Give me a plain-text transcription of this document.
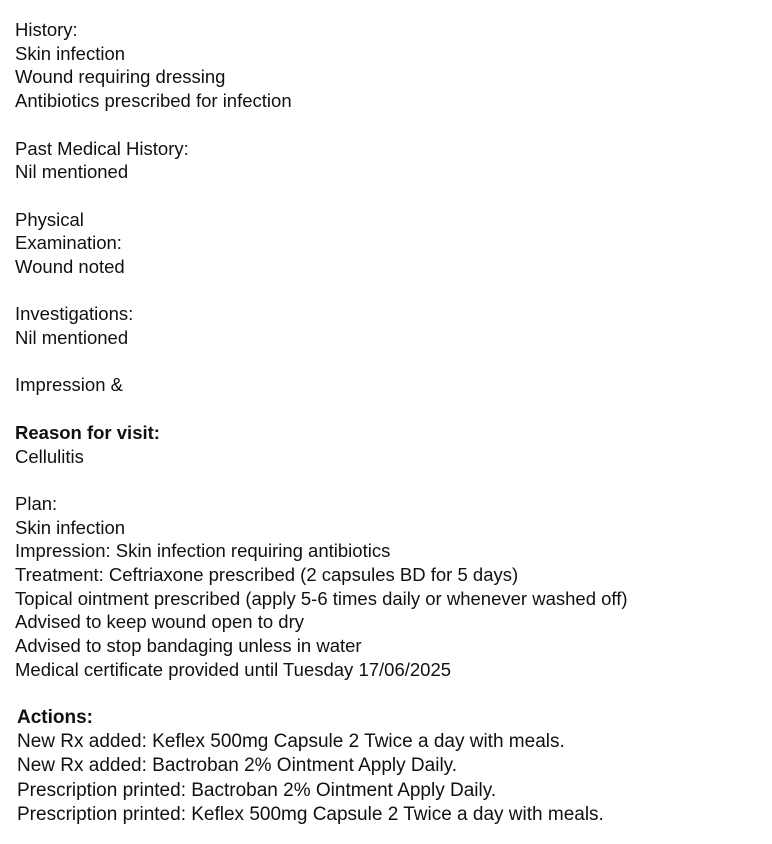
History:
Skin infection
Wound requiring dressing
Antibiotics prescribed for infection
Past Medical History:
Nil mentioned
Physical
Examination:
Wound noted
Investigations:
Nil mentioned
Impression &
Reason for visit:
Cellulitis
Plan:
Skin infection
Impression: Skin infection requiring antibiotics
Treatment: Ceftriaxone prescribed (2 capsules BD for 5 days)
Topical ointment prescribed (apply 5-6 times daily or whenever washed off)
Advised to keep wound open to dry
Advised to stop bandaging unless in water
Medical certificate provided until Tuesday 17/06/2025
Actions:
New Rx added: Keflex 500mg Capsule 2 Twice a day with meals.
New Rx added: Bactroban 2% Ointment Apply Daily.
Prescription printed: Bactroban 2% Ointment Apply Daily.
Prescription printed: Keflex 500mg Capsule 2 Twice a day with meals.
